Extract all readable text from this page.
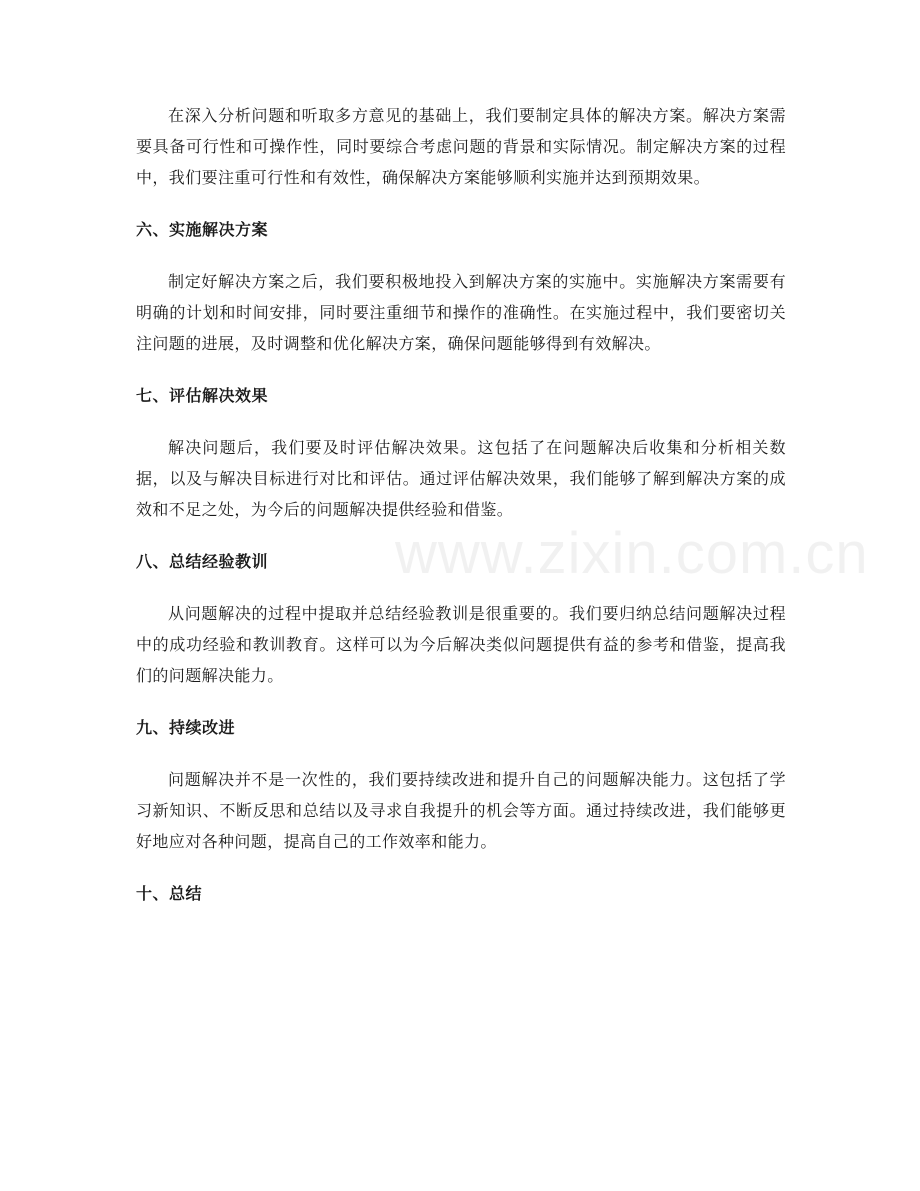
www.zixin.com.cn

在深入分析问题和听取多方意见的基础上，我们要制定具体的解决方案。解决方案需要具备可行性和可操作性，同时要综合考虑问题的背景和实际情况。制定解决方案的过程中，我们要注重可行性和有效性，确保解决方案能够顺利实施并达到预期效果。

六、实施解决方案

制定好解决方案之后，我们要积极地投入到解决方案的实施中。实施解决方案需要有明确的计划和时间安排，同时要注重细节和操作的准确性。在实施过程中，我们要密切关注问题的进展，及时调整和优化解决方案，确保问题能够得到有效解决。

七、评估解决效果

解决问题后，我们要及时评估解决效果。这包括了在问题解决后收集和分析相关数据，以及与解决目标进行对比和评估。通过评估解决效果，我们能够了解到解决方案的成效和不足之处，为今后的问题解决提供经验和借鉴。

八、总结经验教训

从问题解决的过程中提取并总结经验教训是很重要的。我们要归纳总结问题解决过程中的成功经验和教训教育。这样可以为今后解决类似问题提供有益的参考和借鉴，提高我们的问题解决能力。

九、持续改进

问题解决并不是一次性的，我们要持续改进和提升自己的问题解决能力。这包括了学习新知识、不断反思和总结以及寻求自我提升的机会等方面。通过持续改进，我们能够更好地应对各种问题，提高自己的工作效率和能力。

十、总结
